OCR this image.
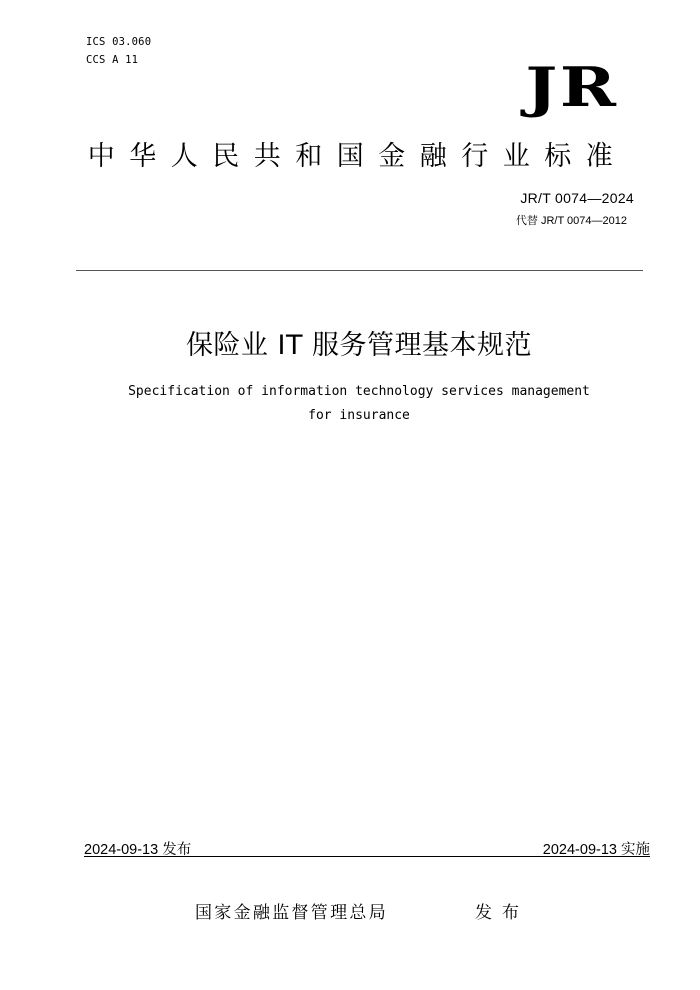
ICS 03.060
CCS A 11	JR
中华人民共和国金融行业标准
JR/T 0074—2024
代替 JR/T 0074—2012
保险业 IT 服务管理基本规范
Specification of information technology services management
for insurance
2024-09-13 发布	2024-09-13 实施
国家金融监督管理总局	发布
